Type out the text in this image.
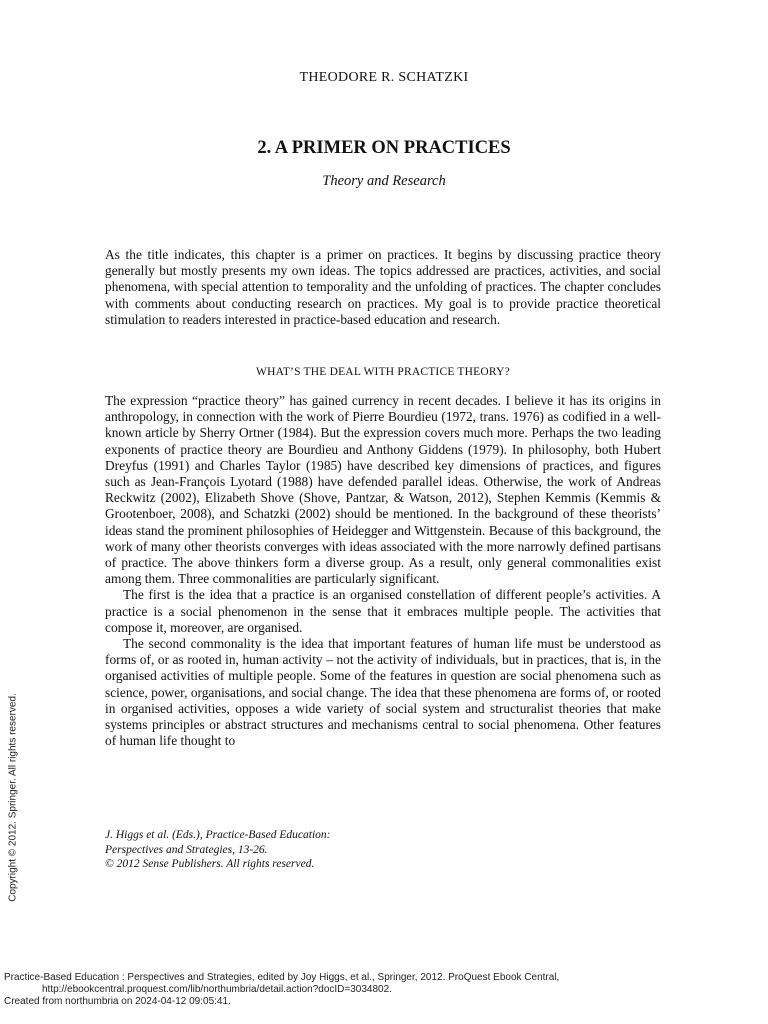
THEODORE R. SCHATZKI
2. A PRIMER ON PRACTICES
Theory and Research
As the title indicates, this chapter is a primer on practices. It begins by discussing practice theory generally but mostly presents my own ideas. The topics addressed are practices, activities, and social phenomena, with special attention to temporality and the unfolding of practices. The chapter concludes with comments about conducting research on practices. My goal is to provide practice theoretical stimulation to readers interested in practice-based education and research.
WHAT’S THE DEAL WITH PRACTICE THEORY?

The expression “practice theory” has gained currency in recent decades. I believe it has its origins in anthropology, in connection with the work of Pierre Bourdieu (1972, trans. 1976) as codified in a well-known article by Sherry Ortner (1984). But the expression covers much more. Perhaps the two leading exponents of practice theory are Bourdieu and Anthony Giddens (1979). In philosophy, both Hubert Dreyfus (1991) and Charles Taylor (1985) have described key dimensions of practices, and figures such as Jean-François Lyotard (1988) have defended parallel ideas. Otherwise, the work of Andreas Reckwitz (2002), Elizabeth Shove (Shove, Pantzar, & Watson, 2012), Stephen Kemmis (Kemmis & Grootenboer, 2008), and Schatzki (2002) should be mentioned. In the background of these theorists’ ideas stand the prominent philosophies of Heidegger and Wittgenstein. Because of this background, the work of many other theorists converges with ideas associated with the more narrowly defined partisans of practice. The above thinkers form a diverse group. As a result, only general commonalities exist among them. Three commonalities are particularly significant.

The first is the idea that a practice is an organised constellation of different people’s activities. A practice is a social phenomenon in the sense that it embraces multiple people. The activities that compose it, moreover, are organised.

The second commonality is the idea that important features of human life must be understood as forms of, or as rooted in, human activity – not the activity of individuals, but in practices, that is, in the organised activities of multiple people. Some of the features in question are social phenomena such as science, power, organisations, and social change. The idea that these phenomena are forms of, or rooted in organised activities, opposes a wide variety of social system and structuralist theories that make systems principles or abstract structures and mechanisms central to social phenomena. Other features of human life thought to

J. Higgs et al. (Eds.), Practice-Based Education:
Perspectives and Strategies, 13-26.
© 2012 Sense Publishers. All rights reserved.
Copyright © 2012. Springer. All rights reserved.
Practice-Based Education : Perspectives and Strategies, edited by Joy Higgs, et al., Springer, 2012. ProQuest Ebook Central,
http://ebookcentral.proquest.com/lib/northumbria/detail.action?docID=3034802.
Created from northumbria on 2024-04-12 09:05:41.
